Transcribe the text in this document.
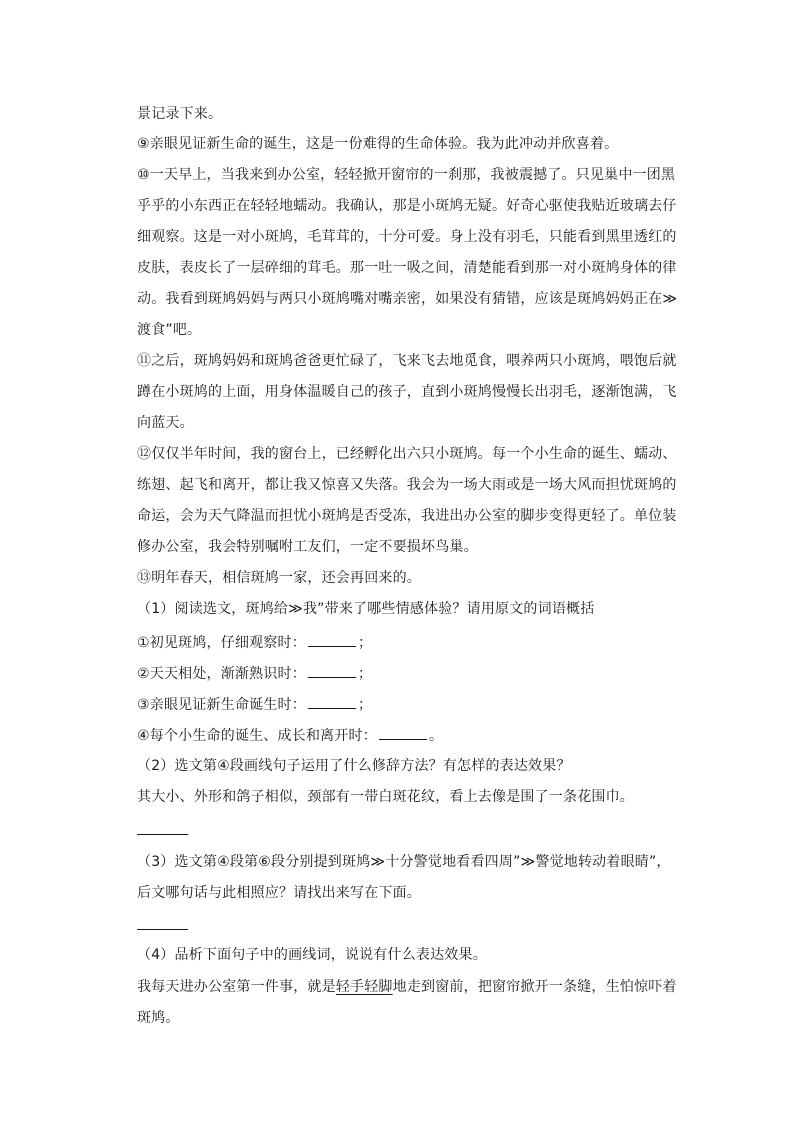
景记录下来。
⑨亲眼见证新生命的诞生，这是一份难得的生命体验。我为此冲动并欣喜着。
⑩一天早上，当我来到办公室，轻轻掀开窗帘的一刹那，我被震撼了。只见巢中一团黑
乎乎的小东西正在轻轻地蠕动。我确认，那是小斑鸠无疑。好奇心驱使我贴近玻璃去仔
细观察。这是一对小斑鸠，毛茸茸的，十分可爱。身上没有羽毛，只能看到黑里透红的
皮肤，表皮长了一层碎细的茸毛。那一吐一吸之间，清楚能看到那一对小斑鸠身体的律
动。我看到斑鸠妈妈与两只小斑鸠嘴对嘴亲密，如果没有猜错，应该是斑鸠妈妈正在≫
渡食”吧。
⑪之后，斑鸠妈妈和斑鸠爸爸更忙碌了，飞来飞去地觅食，喂养两只小斑鸠，喂饱后就
蹲在小斑鸠的上面，用身体温暖自己的孩子，直到小斑鸠慢慢长出羽毛，逐渐饱满，飞
向蓝天。
⑫仅仅半年时间，我的窗台上，已经孵化出六只小斑鸠。每一个小生命的诞生、蠕动、
练翅、起飞和离开，都让我又惊喜又失落。我会为一场大雨或是一场大风而担忧斑鸠的
命运，会为天气降温而担忧小斑鸠是否受冻，我进出办公室的脚步变得更轻了。单位装
修办公室，我会特别嘱咐工友们，一定不要损坏鸟巢。
⑬明年春天，相信斑鸠一家，还会再回来的。
（1）阅读选文，斑鸠给≫我”带来了哪些情感体验？请用原文的词语概括
①初见斑鸠，仔细观察时：	；
②天天相处，渐渐熟识时：	；
③亲眼见证新生命诞生时：	；
④每个小生命的诞生、成长和离开时：	。
（2）选文第④段画线句子运用了什么修辞方法？有怎样的表达效果？
其大小、外形和鸽子相似，颈部有一带白斑花纹，看上去像是围了一条花围巾。
（3）选文第④段第⑥段分别提到斑鸠≫十分警觉地看看四周”≫警觉地转动着眼睛”，
后文哪句话与此相照应？请找出来写在下面。
（4）品析下面句子中的画线词，说说有什么表达效果。
我每天进办公室第一件事，就是轻手轻脚地走到窗前，把窗帘掀开一条缝，生怕惊吓着
斑鸠。
